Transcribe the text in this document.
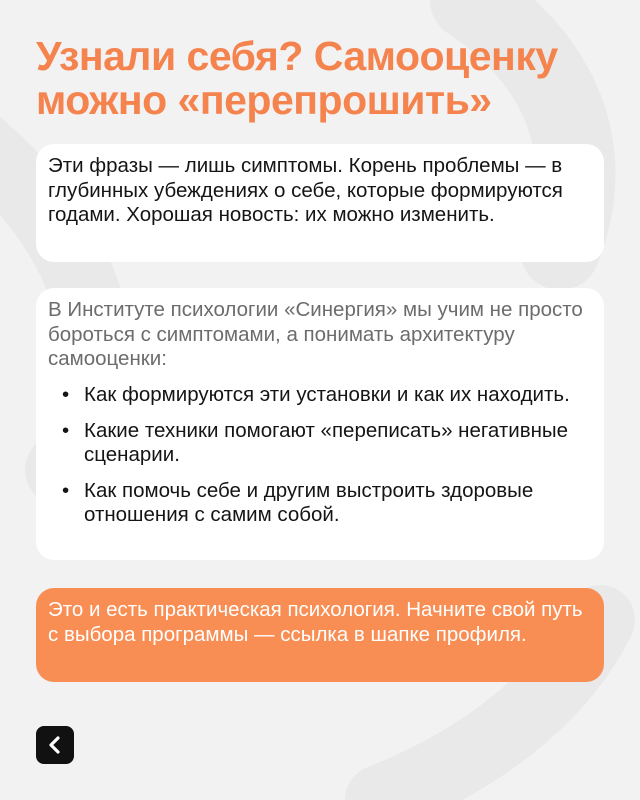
Узнали себя? Самооценку можно «перепрошить»

Эти фразы — лишь симптомы. Корень проблемы — в глубинных убеждениях о себе, которые формируются годами. Хорошая новость: их можно изменить.

В Институте психологии «Синергия» мы учим не просто бороться с симптомами, а понимать архитектуру самооценки:

• Как формируются эти установки и как их находить.
• Какие техники помогают «переписать» негативные сценарии.
• Как помочь себе и другим выстроить здоровые отношения с самим собой.

Это и есть практическая психология. Начните свой путь с выбора программы — ссылка в шапке профиля.
